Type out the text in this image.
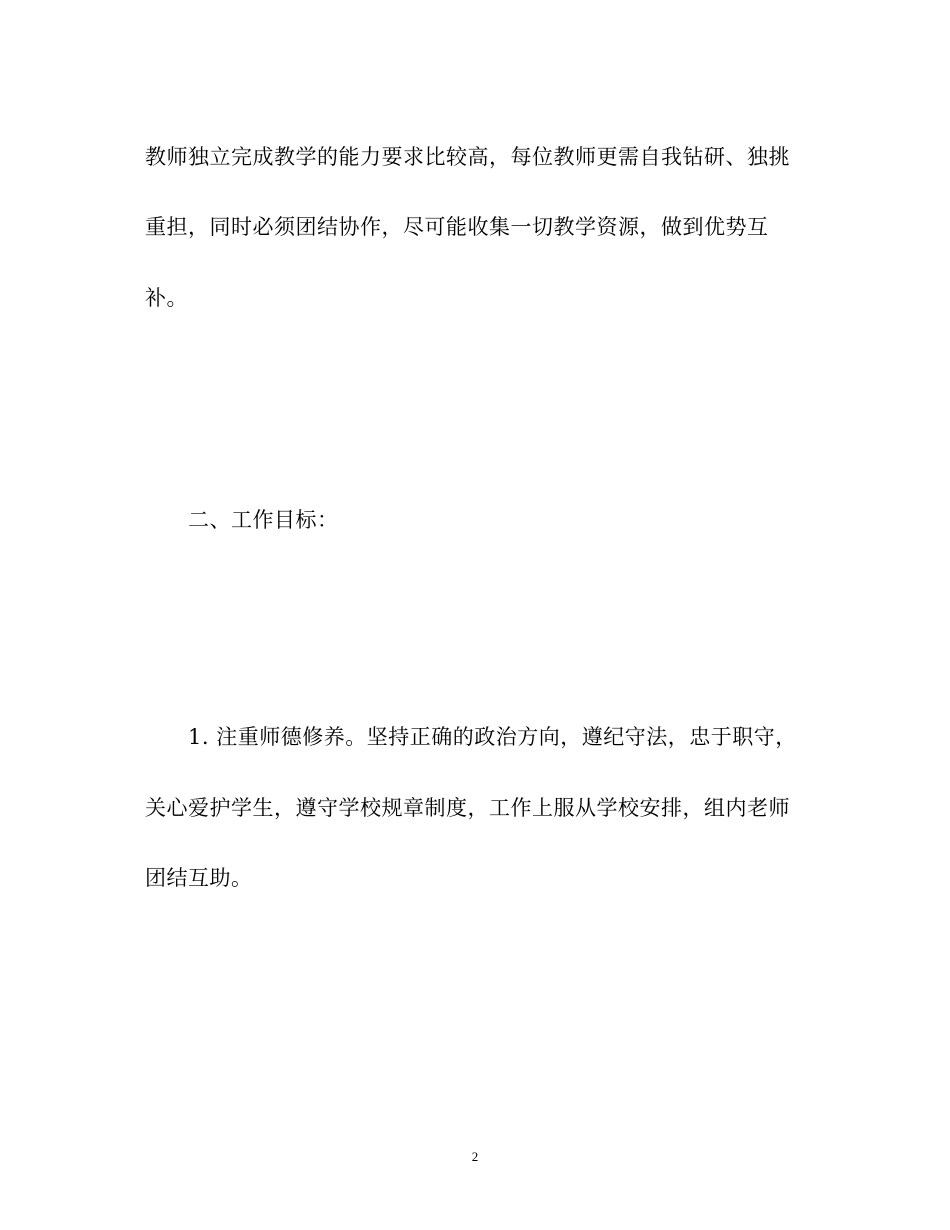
教师独立完成教学的能力要求比较高，每位教师更需自我钻研、独挑
重担，同时必须团结协作，尽可能收集一切教学资源，做到优势互
补。
二、工作目标：
1. 注重师德修养。坚持正确的政治方向，遵纪守法，忠于职守，
关心爱护学生，遵守学校规章制度，工作上服从学校安排，组内老师
团结互助。
2
